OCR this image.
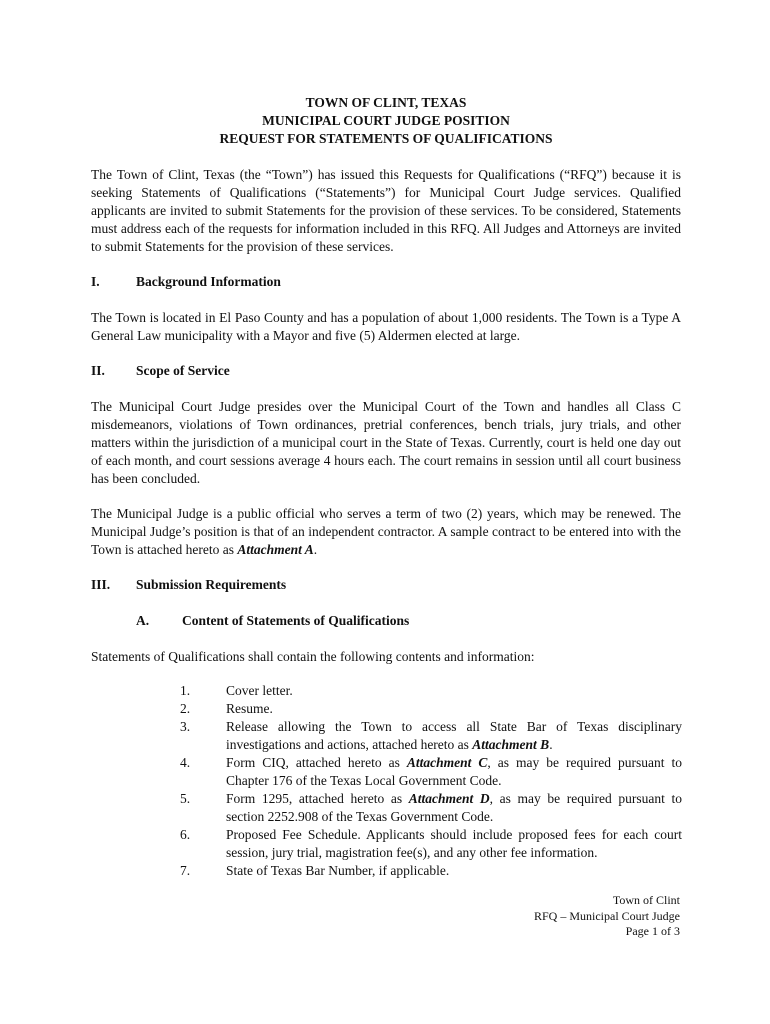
TOWN OF CLINT, TEXAS
MUNICIPAL COURT JUDGE POSITION
REQUEST FOR STATEMENTS OF QUALIFICATIONS

The Town of Clint, Texas (the “Town”) has issued this Requests for Qualifications (“RFQ”) because it is seeking Statements of Qualifications (“Statements”) for Municipal Court Judge services. Qualified applicants are invited to submit Statements for the provision of these services. To be considered, Statements must address each of the requests for information included in this RFQ. All Judges and Attorneys are invited to submit Statements for the provision of these services.

I.	Background Information

The Town is located in El Paso County and has a population of about 1,000 residents. The Town is a Type A General Law municipality with a Mayor and five (5) Aldermen elected at large.

II. Scope of Service

The Municipal Court Judge presides over the Municipal Court of the Town and handles all Class C misdemeanors, violations of Town ordinances, pretrial conferences, bench trials, jury trials, and other matters within the jurisdiction of a municipal court in the State of Texas. Currently, court is held one day out of each month, and court sessions average 4 hours each. The court remains in session until all court business has been concluded.

The Municipal Judge is a public official who serves a term of two (2) years, which may be renewed. The Municipal Judge’s position is that of an independent contractor. A sample contract to be entered into with the Town is attached hereto as Attachment A.

III. Submission Requirements
A. Content of Statements of Qualifications

Statements of Qualifications shall contain the following contents and information:

1.	Cover letter.
2.	Resume.
3.	Release allowing the Town to access all State Bar of Texas disciplinary investigations and actions, attached hereto as Attachment B.
4.	Form CIQ, attached hereto as Attachment C, as may be required pursuant to Chapter 176 of the Texas Local Government Code.
5.	Form 1295, attached hereto as Attachment D, as may be required pursuant to section 2252.908 of the Texas Government Code.
6.	Proposed Fee Schedule. Applicants should include proposed fees for each court session, jury trial, magistration fee(s), and any other fee information.
7.	State of Texas Bar Number, if applicable.
Town of Clint
RFQ – Municipal Court Judge
Page 1 of 3
